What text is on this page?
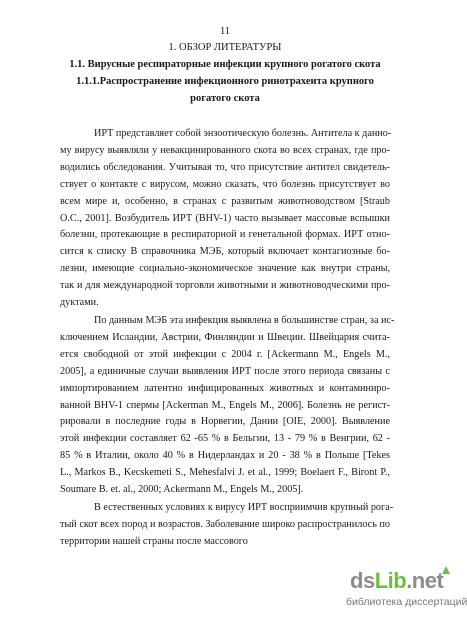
11
1. ОБЗОР ЛИТЕРАТУРЫ
1.1. Вирусные респираторные инфекции крупного рогатого скота
1.1.1.Распространение инфекционного ринотрахеита крупного
рогатого скота
ИРТ представляет собой энзоотическую болезнь. Антитела к данно-
му вирусу выявляли у невакцинированного скота во всех странах, где про-
водились обследования. Учитывая то, что присутствие антител свидетель-
ствует о контакте с вирусом, можно сказать, что болезнь присутствует во
всем мире и, особенно, в странах с развитым животноводством [Straub
O.C., 2001]. Возбудитель ИРТ (BHV-1) часто вызывает массовые вспышки
болезни, протекающие в респираторной и генетальной формах. ИРТ отно-
сится к списку В справочника МЭБ, который включает контагиозные бо-
лезни, имеющие социально-экономическое значение как внутри страны,
так и для международной торговли животными и животноводческими про-
дуктами.
По данным МЭБ эта инфекция выявлена в большинстве стран, за ис-
ключением Исландии, Австрии, Финляндии и Швеции. Швейцария счита-
ется свободной от этой инфекции с 2004 г. [Ackermann M., Engels M.,
2005], а единичные случаи выявления ИРТ после этого периода связаны с
импортированием латентно инфицированных животных и контаминиро-
ванной BHV-1 спермы [Ackerman M., Engels M., 2006]. Болезнь не регист-
рировали в последние годы в Норвегии, Дании [OIE, 2000]. Выявление
этой инфекции составляет 62 -65 % в Бельгии, 13 - 79 % в Венгрии, 62 -
85 % в Италии, около 40 % в Нидерландах и 20 - 38 % в Польше [Tekes
L., Markos B., Kecskemeti S., Mehesfalvi J. et al., 1999; Boelaert F., Biront P.,
Soumare B. et. al., 2000; Ackermann M., Engels M., 2005].
В естественных условиях к вирусу ИРТ восприимчив крупный рога-
тый скот всех пород и возрастов. Заболевание широко распространилось по
территории нашей страны после массового
dsLib.net
библиотека диссертаций
